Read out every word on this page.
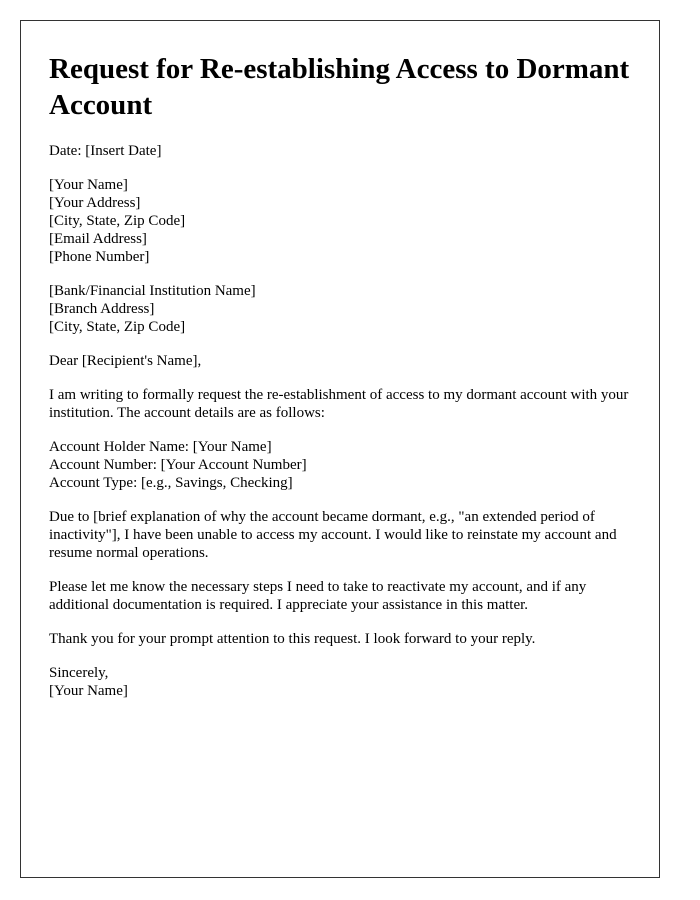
Request for Re-establishing Access to Dormant Account

Date: [Insert Date]

[Your Name]

[Your Address]

[City, State, Zip Code]

[Email Address]

[Phone Number]

[Bank/Financial Institution Name]

[Branch Address]

[City, State, Zip Code]

Dear [Recipient's Name],

I am writing to formally request the re-establishment of access to my dormant account with your institution. The account details are as follows:

Account Holder Name: [Your Name]

Account Number: [Your Account Number]

Account Type: [e.g., Savings, Checking]

Due to [brief explanation of why the account became dormant, e.g., "an extended period of inactivity"], I have been unable to access my account. I would like to reinstate my account and resume normal operations.

Please let me know the necessary steps I need to take to reactivate my account, and if any additional documentation is required. I appreciate your assistance in this matter.

Thank you for your prompt attention to this request. I look forward to your reply.

Sincerely,

[Your Name]
